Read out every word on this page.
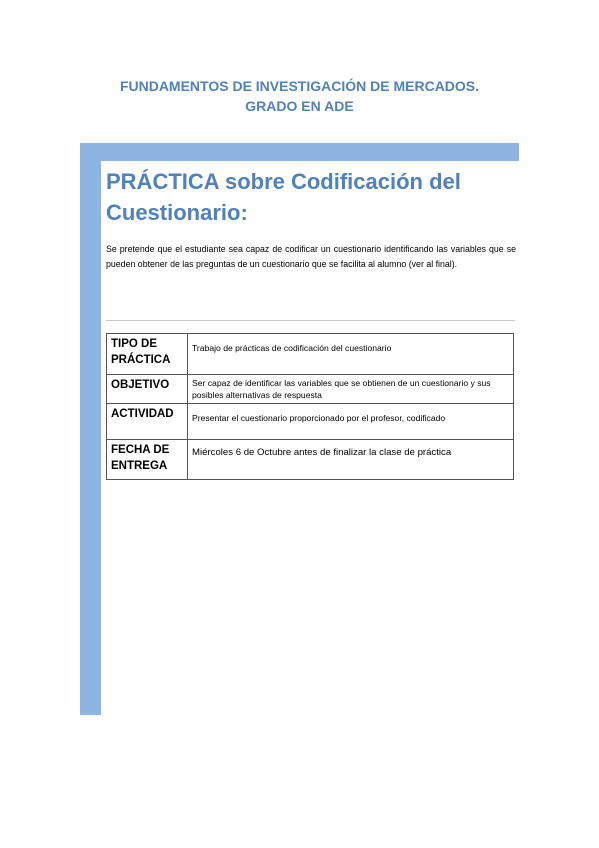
FUNDAMENTOS DE INVESTIGACIÓN DE MERCADOS.
GRADO EN ADE
PRÁCTICA sobre Codificación del
Cuestionario:
Se pretende que el estudiante sea capaz de codificar un cuestionario identificando las variables que se pueden obtener de las preguntas de un cuestionario que se facilita al alumno (ver al final).
TIPO DE
PRÁCTICA	Trabajo de prácticas de codificación del cuestionario

OBJETIVO	Ser capaz de identificar las variables que se obtienen de un cuestionario y sus posibles alternativas de respuesta

ACTIVIDAD	Presentar el cuestionario proporcionado por el profesor, codificado

FECHA DE
ENTREGA	Miércoles 6 de Octubre antes de finalizar la clase de práctica
